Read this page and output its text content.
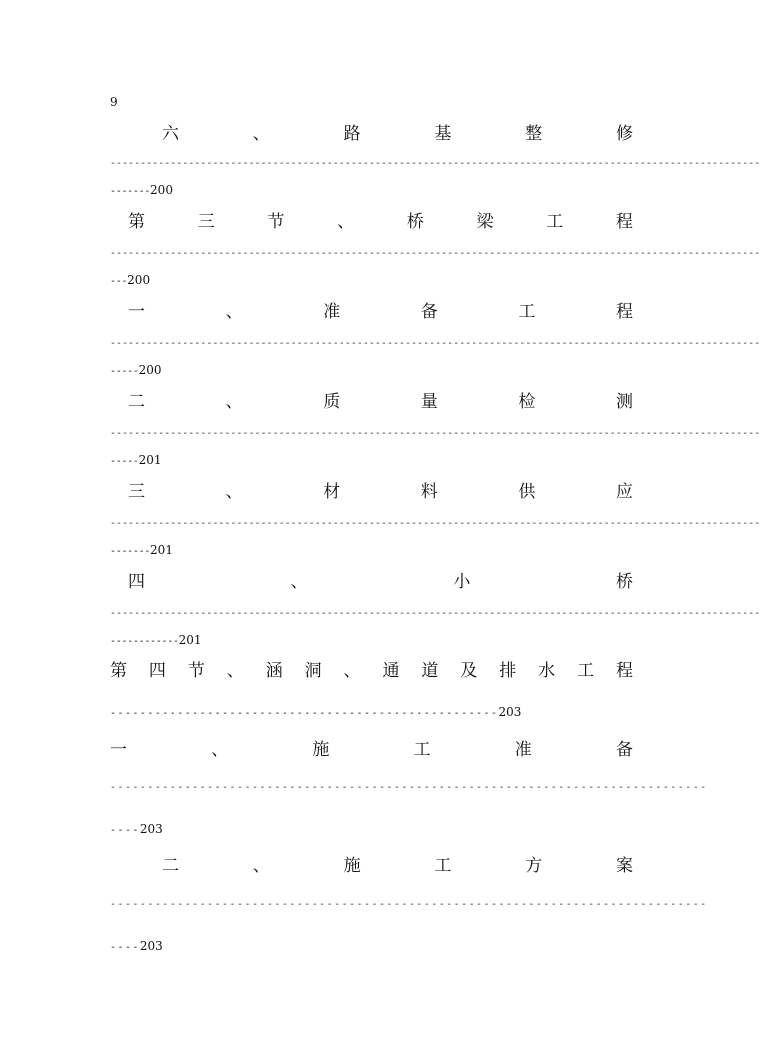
9
六	、	路	基	整	修
------------------------------------------------------------------------------------------------------------
-------200
第	三	节	、	桥	梁	工	程
------------------------------------------------------------------------------------------------------------
---200
一	、	准	备	工	程
------------------------------------------------------------------------------------------------------------
-----200
二	、	质	量	检	测
------------------------------------------------------------------------------------------------------------
-----201
三	、	材	料	供	应
------------------------------------------------------------------------------------------------------------
-------201
四	、	小	桥
------------------------------------------------------------------------------------------------------------
------------201
第 四 节 、 涵 洞 、 通 道 及 排 水 工 程
----------------------------------------------------203
一	、	施	工	准	备
--------------------------------------------------------------------------------
----203
二	、	施	工	方	案
--------------------------------------------------------------------------------
----203
